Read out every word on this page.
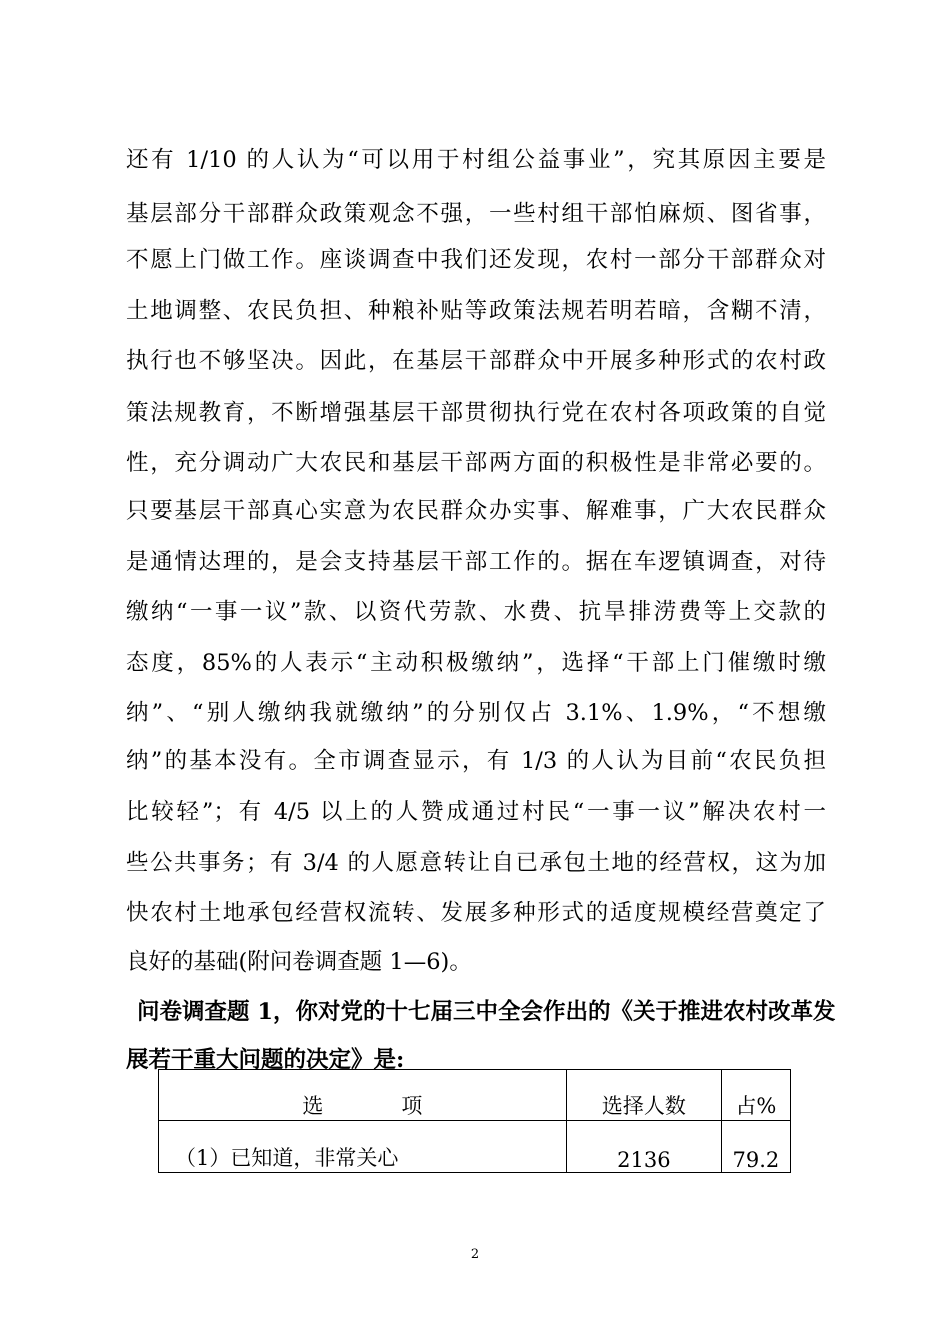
还有 1/10 的人认为“可以用于村组公益事业”，究其原因主要是
基层部分干部群众政策观念不强，一些村组干部怕麻烦、图省事，
不愿上门做工作。座谈调查中我们还发现，农村一部分干部群众对
土地调整、农民负担、种粮补贴等政策法规若明若暗，含糊不清，
执行也不够坚决。因此，在基层干部群众中开展多种形式的农村政
策法规教育，不断增强基层干部贯彻执行党在农村各项政策的自觉
性，充分调动广大农民和基层干部两方面的积极性是非常必要的。
只要基层干部真心实意为农民群众办实事、解难事，广大农民群众
是通情达理的，是会支持基层干部工作的。据在车逻镇调查，对待
缴纳“一事一议”款、以资代劳款、水费、抗旱排涝费等上交款的
态度，85%的人表示“主动积极缴纳”，选择“干部上门催缴时缴
纳”、“别人缴纳我就缴纳”的分别仅占 3.1%、1.9%，“不想缴
纳”的基本没有。全市调查显示，有 1/3 的人认为目前“农民负担
比较轻”；有 4/5 以上的人赞成通过村民“一事一议”解决农村一
些公共事务；有 3/4 的人愿意转让自已承包土地的经营权，这为加
快农村土地承包经营权流转、发展多种形式的适度规模经营奠定了
良好的基础(附问卷调查题 1—6)。
问卷调查题 1，你对党的十七届三中全会作出的《关于推进农村改革发
展若干重大问题的决定》是:
选 项	选择人数	占%
（1）已知道，非常关心	2136	79.2
2
